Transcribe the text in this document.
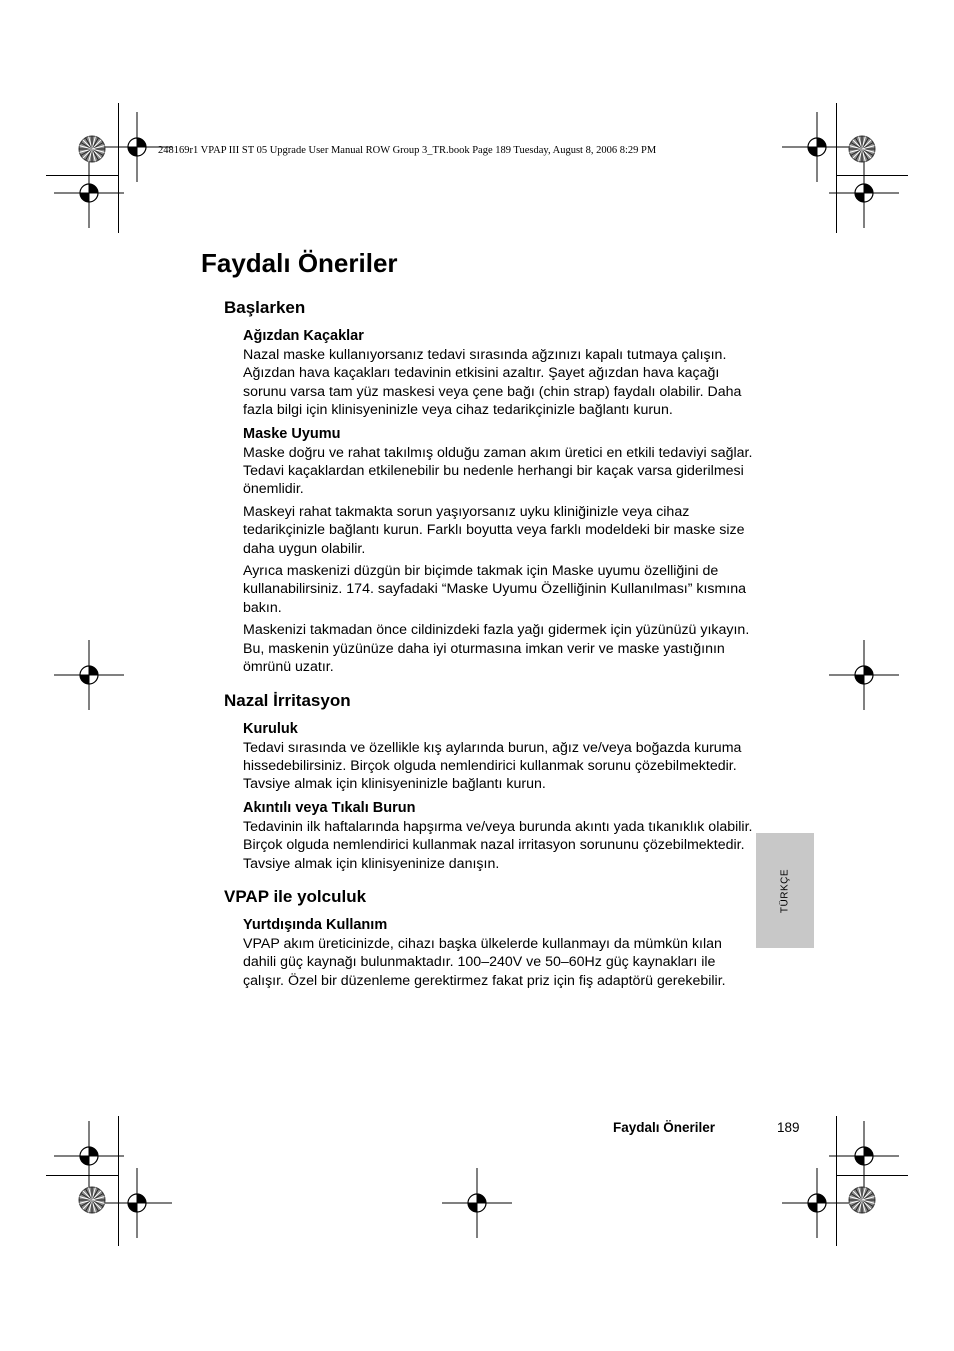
248169r1 VPAP III ST 05 Upgrade User Manual ROW Group 3_TR.book Page 189 Tuesday, August 8, 2006 8:29 PM
Faydalı Öneriler
Başlarken
Ağızdan Kaçaklar

Nazal maske kullanıyorsanız tedavi sırasında ağzınızı kapalı tutmaya çalışın. Ağızdan hava kaçakları tedavinin etkisini azaltır. Şayet ağızdan hava kaçağı sorunu varsa tam yüz maskesi veya çene bağı (chin strap) faydalı olabilir. Daha fazla bilgi için klinisyeninizle veya cihaz tedarikçinizle bağlantı kurun.

Maske Uyumu

Maske doğru ve rahat takılmış olduğu zaman akım üretici en etkili tedaviyi sağlar. Tedavi kaçaklardan etkilenebilir bu nedenle herhangi bir kaçak varsa giderilmesi önemlidir.

Maskeyi rahat takmakta sorun yaşıyorsanız uyku kliniğinizle veya cihaz tedarikçinizle bağlantı kurun. Farklı boyutta veya farklı modeldeki bir maske size daha uygun olabilir.

Ayrıca maskenizi düzgün bir biçimde takmak için Maske uyumu özelliğini de kullanabilirsiniz. 174. sayfadaki “Maske Uyumu Özelliğinin Kullanılması” kısmına bakın.

Maskenizi takmadan önce cildinizdeki fazla yağı gidermek için yüzünüzü yıkayın. Bu, maskenin yüzünüze daha iyi oturmasına imkan verir ve maske yastığının ömrünü uzatır.

Nazal İrritasyon
Kuruluk

Tedavi sırasında ve özellikle kış aylarında burun, ağız ve/veya boğazda kuruma hissedebilirsiniz. Birçok olguda nemlendirici kullanmak sorunu çözebilmektedir. Tavsiye almak için klinisyeninizle bağlantı kurun.

Akıntılı veya Tıkalı Burun

Tedavinin ilk haftalarında hapşırma ve/veya burunda akıntı yada tıkanıklık olabilir. Birçok olguda nemlendirici kullanmak nazal irritasyon sorununu çözebilmektedir. Tavsiye almak için klinisyeninize danışın.

VPAP ile yolculuk
Yurtdışında Kullanım

VPAP akım üreticinizde, cihazı başka ülkelerde kullanmayı da mümkün kılan dahili güç kaynağı bulunmaktadır. 100–240V ve 50–60Hz güç kaynakları ile çalışır. Özel bir düzenleme gerektirmez fakat priz için fiş adaptörü gerekebilir.

TÜRKÇE
Faydalı Öneriler	189
